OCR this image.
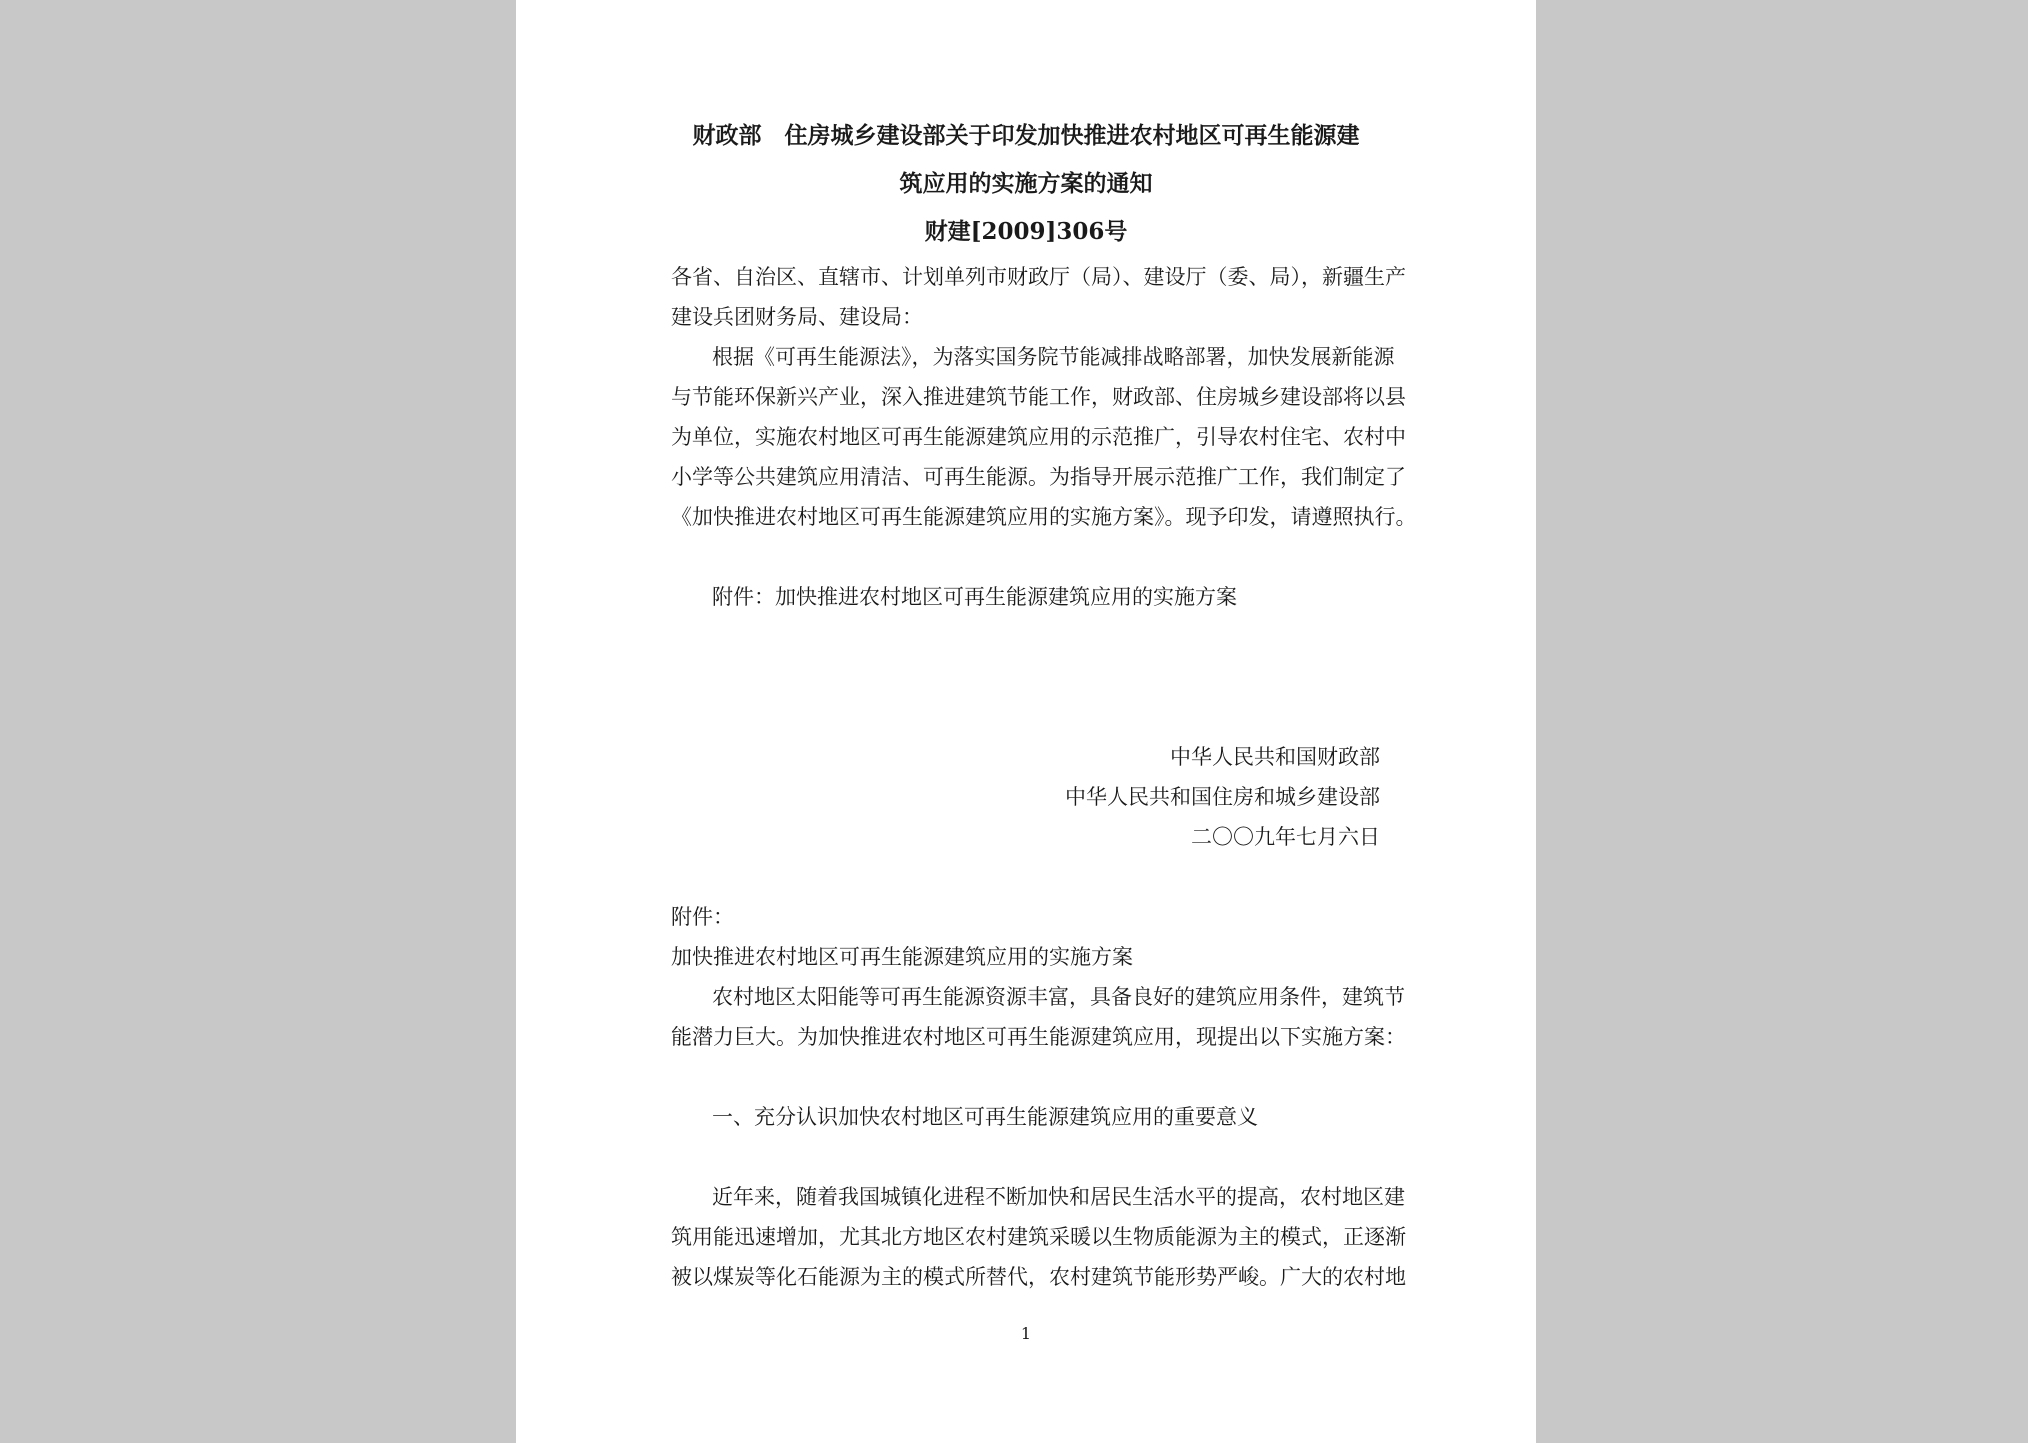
财政部　住房城乡建设部关于印发加快推进农村地区可再生能源建
筑应用的实施方案的通知
财建[2009]306号
各省、自治区、直辖市、计划单列市财政厅（局）、建设厅（委、局），新疆生产
建设兵团财务局、建设局：
根据《可再生能源法》，为落实国务院节能减排战略部署，加快发展新能源
与节能环保新兴产业，深入推进建筑节能工作，财政部、住房城乡建设部将以县
为单位，实施农村地区可再生能源建筑应用的示范推广，引导农村住宅、农村中
小学等公共建筑应用清洁、可再生能源。为指导开展示范推广工作，我们制定了
《加快推进农村地区可再生能源建筑应用的实施方案》。现予印发，请遵照执行。
附件：加快推进农村地区可再生能源建筑应用的实施方案
中华人民共和国财政部
中华人民共和国住房和城乡建设部
二〇〇九年七月六日
附件：
加快推进农村地区可再生能源建筑应用的实施方案
农村地区太阳能等可再生能源资源丰富，具备良好的建筑应用条件，建筑节
能潜力巨大。为加快推进农村地区可再生能源建筑应用，现提出以下实施方案：
一、充分认识加快农村地区可再生能源建筑应用的重要意义
近年来，随着我国城镇化进程不断加快和居民生活水平的提高，农村地区建
筑用能迅速增加，尤其北方地区农村建筑采暖以生物质能源为主的模式，正逐渐
被以煤炭等化石能源为主的模式所替代，农村建筑节能形势严峻。广大的农村地
1
